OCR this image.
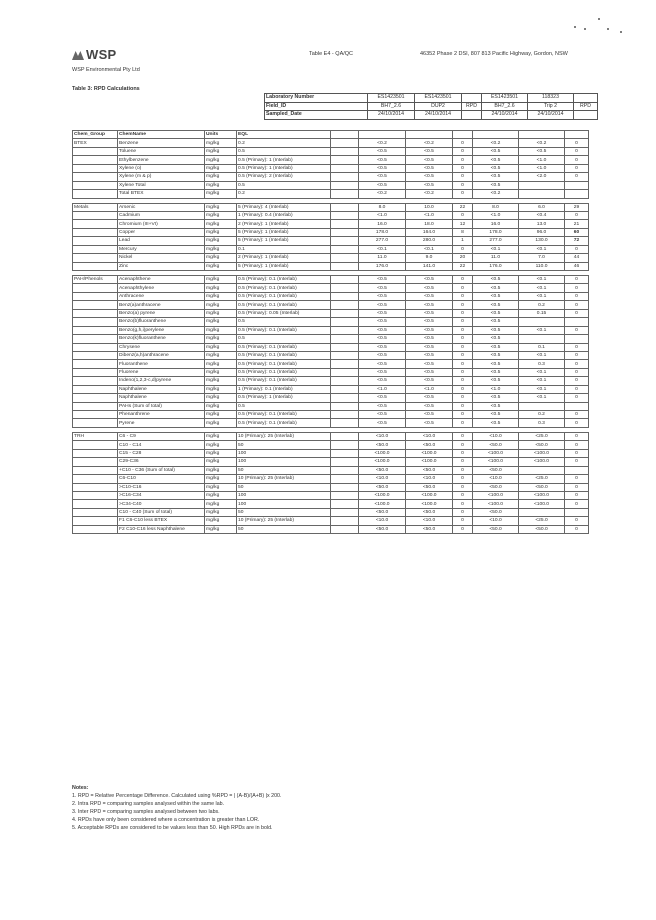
WSP
WSP Environmental Pty Ltd
Table E4 - QA/QC	46352 Phase 2 DSI, 807 813 Pacific Highway, Gordon, NSW
Table 3: RPD Calculations
Laboratory Number	ES1423501	ES1423501		ES1423501	118323	
Field_ID	BH7_2.6	DUP2	RPD	BH7_2.6	Trip 2	RPD
Sampled_Date	24/10/2014	24/10/2014		24/10/2014	24/10/2014	
Chem_Group	ChemName	Units	EQL							
BTEX	Benzene	mg/kg	0.2		<0.2	<0.2	0	<0.2	<0.2	0
	Toluene	mg/kg	0.5		<0.5	<0.5	0	<0.5	<0.5	0
	Ethylbenzene	mg/kg	0.5 (Primary): 1 (Interlab)		<0.5	<0.5	0	<0.5	<1.0	0
	Xylene (o)	mg/kg	0.5 (Primary): 1 (Interlab)		<0.5	<0.5	0	<0.5	<1.0	0
	Xylene (m & p)	mg/kg	0.5 (Primary): 2 (Interlab)		<0.5	<0.5	0	<0.5	<2.0	0
	Xylene Total	mg/kg	0.5		<0.5	<0.5	0	<0.5		
	Total BTEX	mg/kg	0.2		<0.2	<0.2	0	<0.2		

Metals	Arsenic	mg/kg	5 (Primary): 4 (Interlab)		8.0	10.0	22	8.0	6.0	29
	Cadmium	mg/kg	1 (Primary): 0.4 (Interlab)		<1.0	<1.0	0	<1.0	<0.4	0
	Chromium (III+VI)	mg/kg	2 (Primary): 1 (Interlab)		16.0	18.0	12	16.0	13.0	21
	Copper	mg/kg	5 (Primary): 1 (Interlab)		178.0	164.0	8	178.0	96.0	60
	Lead	mg/kg	5 (Primary): 1 (Interlab)		277.0	280.0	1	277.0	130.0	72
	Mercury	mg/kg	0.1		<0.1	<0.1	0	<0.1	<0.1	0
	Nickel	mg/kg	2 (Primary): 1 (Interlab)		11.0	9.0	20	11.0	7.0	44
	Zinc	mg/kg	5 (Primary): 1 (Interlab)		176.0	141.0	22	176.0	110.0	46

PAH/Phenols	Acenaphthene	mg/kg	0.5 (Primary): 0.1 (Interlab)		<0.5	<0.5	0	<0.5	<0.1	0
	Acenaphthylene	mg/kg	0.5 (Primary): 0.1 (Interlab)		<0.5	<0.5	0	<0.5	<0.1	0
	Anthracene	mg/kg	0.5 (Primary): 0.1 (Interlab)		<0.5	<0.5	0	<0.5	<0.1	0
	Benz(a)anthracene	mg/kg	0.5 (Primary): 0.1 (Interlab)		<0.5	<0.5	0	<0.5	0.2	0
	Benzo(a) pyrene	mg/kg	0.5 (Primary): 0.05 (Interlab)		<0.5	<0.5	0	<0.5	0.15	0
	Benzo(b)fluoranthene	mg/kg	0.5		<0.5	<0.5	0	<0.5		
	Benzo(g,h,i)perylene	mg/kg	0.5 (Primary): 0.1 (Interlab)		<0.5	<0.5	0	<0.5	<0.1	0
	Benzo(k)fluoranthene	mg/kg	0.5		<0.5	<0.5	0	<0.5		
	Chrysene	mg/kg	0.5 (Primary): 0.1 (Interlab)		<0.5	<0.5	0	<0.5	0.1	0
	Dibenz(a,h)anthracene	mg/kg	0.5 (Primary): 0.1 (Interlab)		<0.5	<0.5	0	<0.5	<0.1	0
	Fluoranthene	mg/kg	0.5 (Primary): 0.1 (Interlab)		<0.5	<0.5	0	<0.5	0.3	0
	Fluorene	mg/kg	0.5 (Primary): 0.1 (Interlab)		<0.5	<0.5	0	<0.5	<0.1	0
	Indeno(1,2,3-c,d)pyrene	mg/kg	0.5 (Primary): 0.1 (Interlab)		<0.5	<0.5	0	<0.5	<0.1	0
	Naphthalene	mg/kg	1 (Primary): 0.1 (Interlab)		<1.0	<1.0	0	<1.0	<0.1	0
	Naphthalene	mg/kg	0.5 (Primary): 1 (Interlab)		<0.5	<0.5	0	<0.5	<0.1	0
	PAHs (Sum of total)	mg/kg	0.5		<0.5	<0.5	0	<0.5		
	Phenanthrene	mg/kg	0.5 (Primary): 0.1 (Interlab)		<0.5	<0.5	0	<0.5	0.2	0
	Pyrene	mg/kg	0.5 (Primary): 0.1 (Interlab)		<0.5	<0.5	0	<0.5	0.3	0

TRH	C6 - C9	mg/kg	10 (Primary): 25 (Interlab)		<10.0	<10.0	0	<10.0	<25.0	0
	C10 - C14	mg/kg	50		<50.0	<50.0	0	<50.0	<50.0	0
	C15 - C28	mg/kg	100		<100.0	<100.0	0	<100.0	<100.0	0
	C29-C36	mg/kg	100		<100.0	<100.0	0	<100.0	<100.0	0
	+C10 - C36 (Sum of total)	mg/kg	50		<50.0	<50.0	0	<50.0		
	C6-C10	mg/kg	10 (Primary): 25 (Interlab)		<10.0	<10.0	0	<10.0	<25.0	0
	>C10-C16	mg/kg	50		<50.0	<50.0	0	<50.0	<50.0	0
	>C16-C34	mg/kg	100		<100.0	<100.0	0	<100.0	<100.0	0
	>C34-C40	mg/kg	100		<100.0	<100.0	0	<100.0	<100.0	0
	C10 - C40 (Sum of total)	mg/kg	50		<50.0	<50.0	0	<50.0		
	F1 C6-C10 less BTEX	mg/kg	10 (Primary): 25 (Interlab)		<10.0	<10.0	0	<10.0	<25.0	0
	F2 C10-C16 less Naphthalene	mg/kg	50		<50.0	<50.0	0	<50.0	<50.0	0
Notes:
1. RPD = Relative Percentage Difference. Calculated using %RPD = | (A-B)/(A+B) |x 200.
2. Intra RPD = comparing samples analysed within the same lab.
3. Inter RPD = comparing samples analysed between two labs.
4. RPDs have only been considered where a concentration is greater than LOR.
5. Acceptable RPDs are considered to be values less than 50. High RPDs are in bold.
